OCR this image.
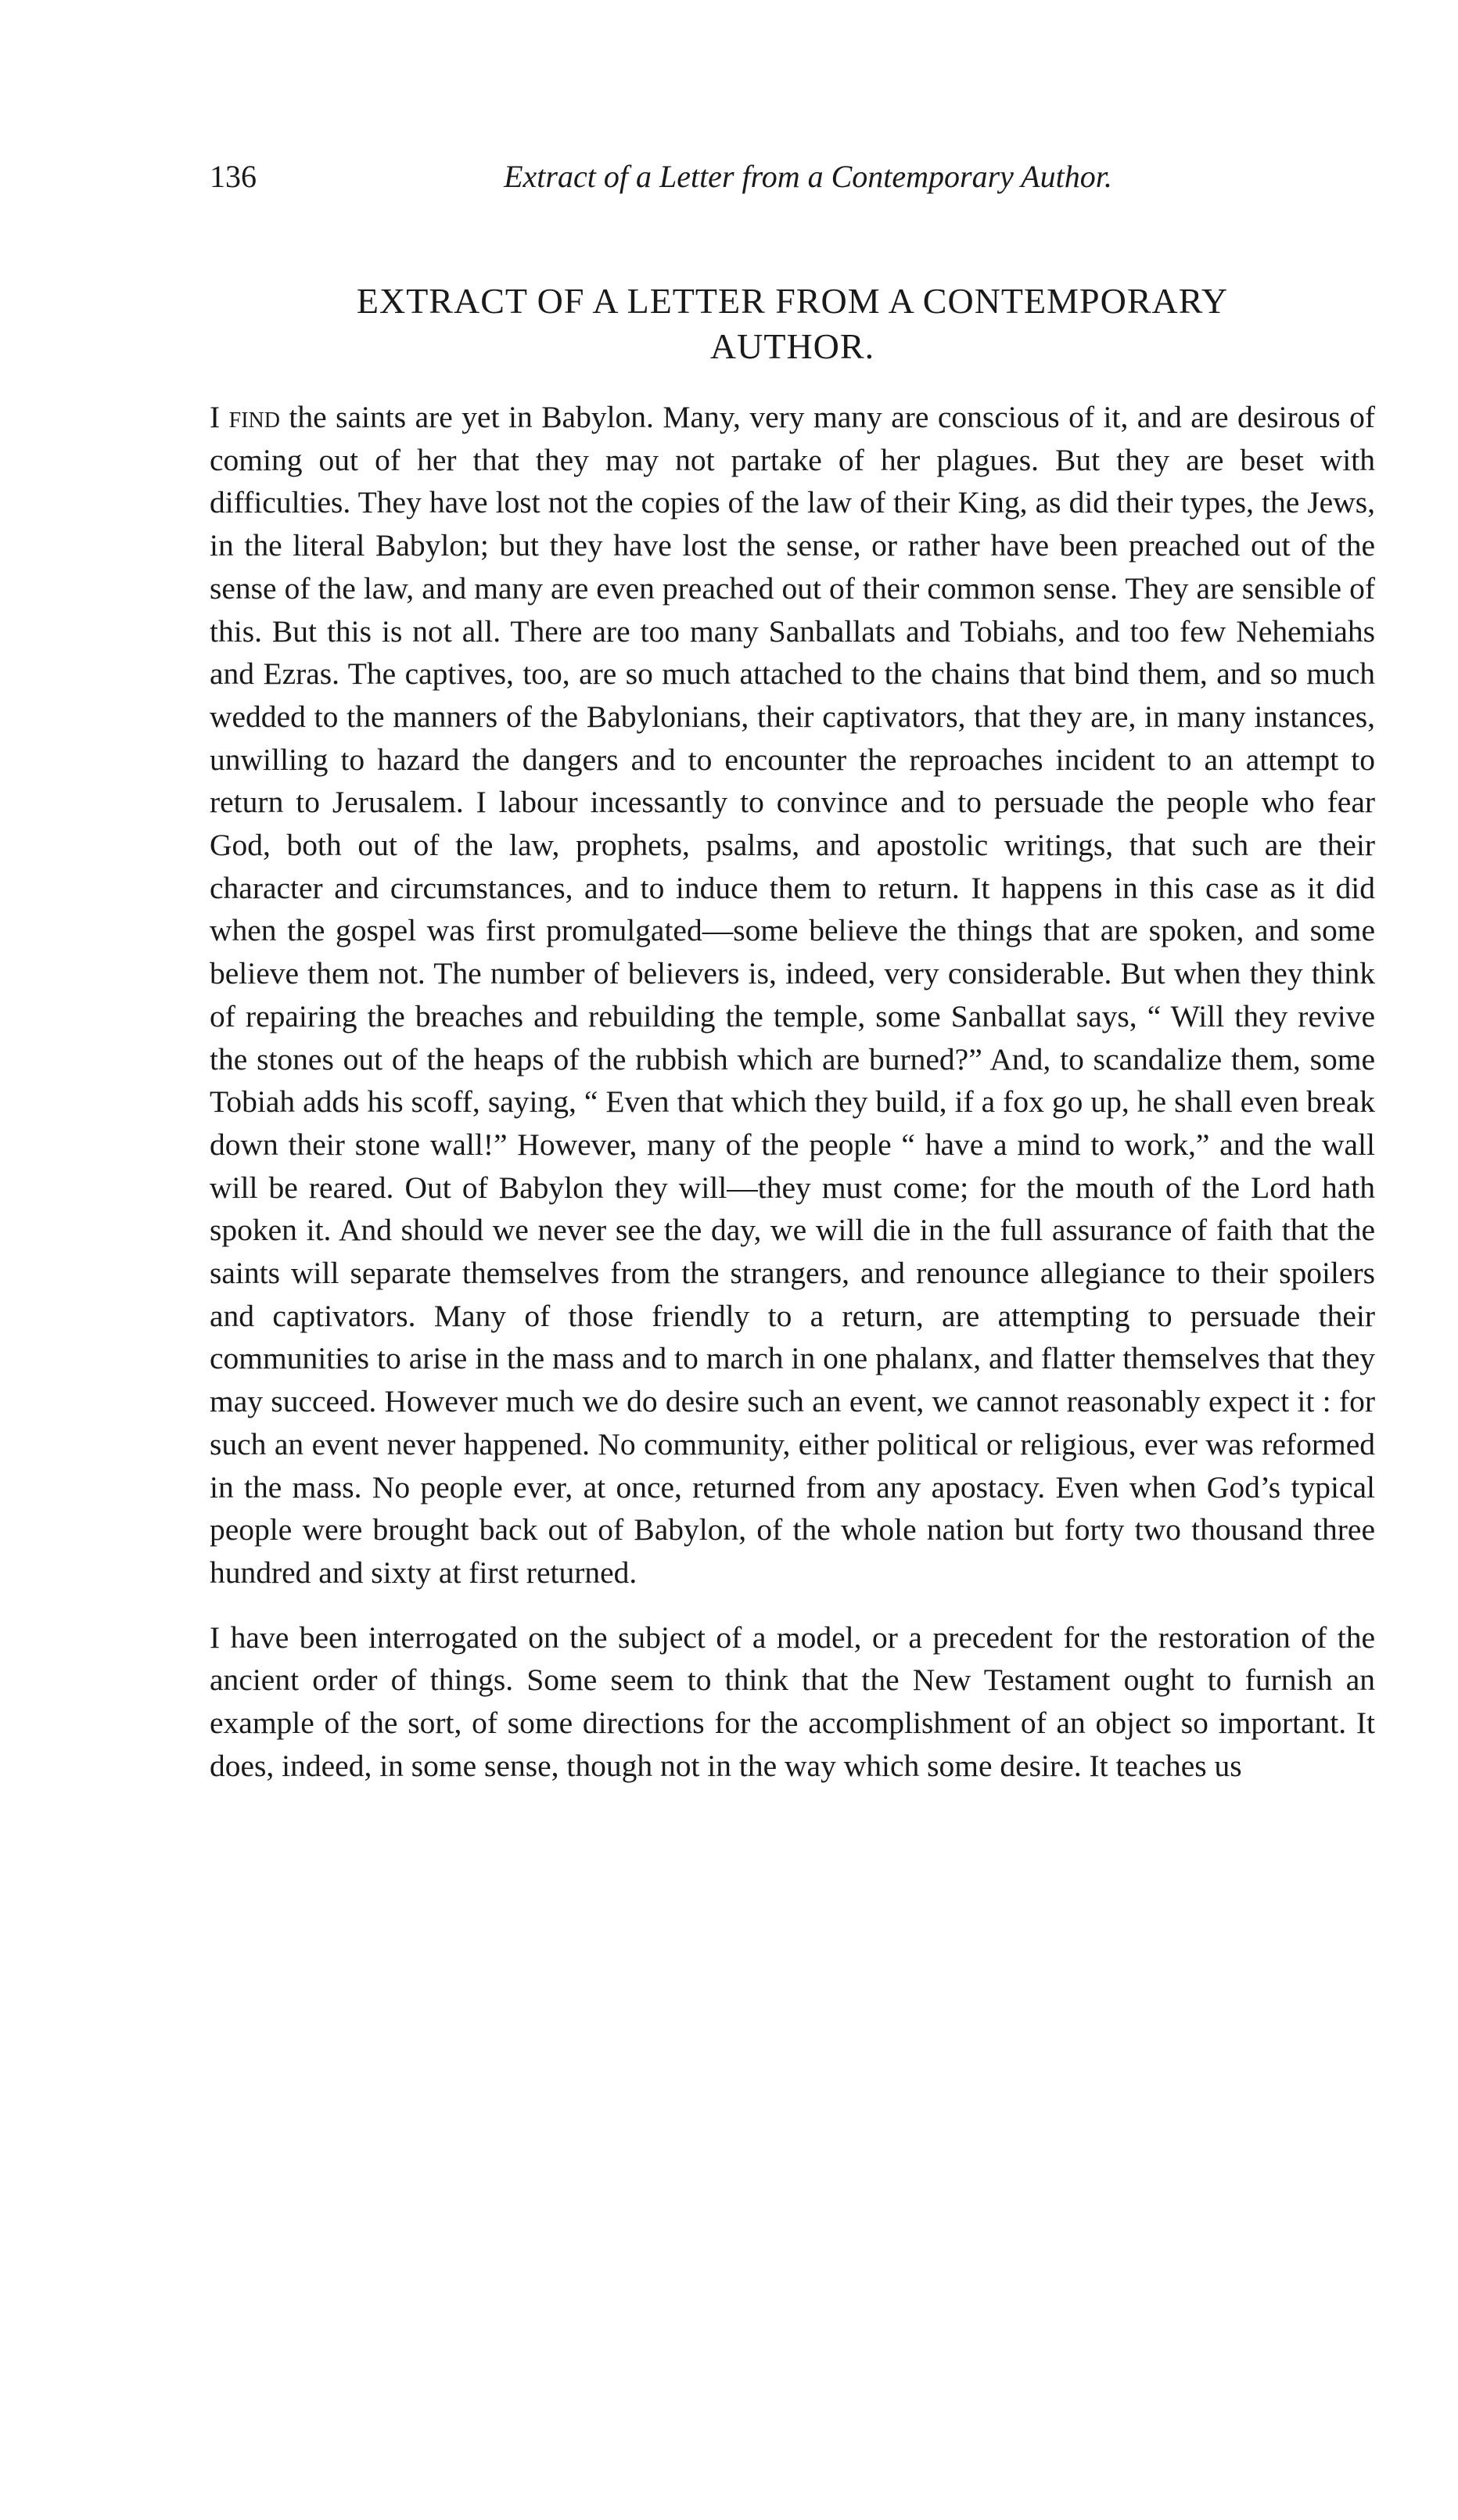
136	Extract of a Letter from a Contemporary Author.
EXTRACT OF A LETTER FROM A CONTEMPORARY
AUTHOR.

I find the saints are yet in Babylon. Many, very many are conscious of it, and are desirous of coming out of her that they may not partake of her plagues. But they are beset with difficulties. They have lost not the copies of the law of their King, as did their types, the Jews, in the literal Babylon; but they have lost the sense, or rather have been preached out of the sense of the law, and many are even preached out of their common sense. They are sensible of this. But this is not all. There are too many Sanballats and Tobiahs, and too few Nehemiahs and Ezras. The captives, too, are so much attached to the chains that bind them, and so much wedded to the manners of the Babylonians, their captivators, that they are, in many instances, unwilling to hazard the dangers and to encounter the reproaches incident to an attempt to return to Jerusalem. I labour incessantly to convince and to persuade the people who fear God, both out of the law, prophets, psalms, and apostolic writings, that such are their character and circumstances, and to induce them to return. It happens in this case as it did when the gospel was first promulgated—some believe the things that are spoken, and some believe them not. The number of believers is, indeed, very considerable. But when they think of repairing the breaches and rebuilding the temple, some Sanballat says, “ Will they revive the stones out of the heaps of the rubbish which are burned?” And, to scandalize them, some Tobiah adds his scoff, saying, “ Even that which they build, if a fox go up, he shall even break down their stone wall!” However, many of the people “ have a mind to work,” and the wall will be reared. Out of Babylon they will—they must come; for the mouth of the Lord hath spoken it. And should we never see the day, we will die in the full assurance of faith that the saints will separate themselves from the strangers, and renounce allegiance to their spoilers and captivators. Many of those friendly to a return, are attempting to persuade their communities to arise in the mass and to march in one phalanx, and flatter themselves that they may succeed. However much we do desire such an event, we cannot reasonably expect it : for such an event never happened. No community, either political or religious, ever was reformed in the mass. No people ever, at once, returned from any apostacy. Even when God’s typical people were brought back out of Babylon, of the whole nation but forty two thousand three hundred and sixty at first returned.

I have been interrogated on the subject of a model, or a precedent for the restoration of the ancient order of things. Some seem to think that the New Testament ought to furnish an example of the sort, of some directions for the accomplishment of an object so important. It does, indeed, in some sense, though not in the way which some desire. It teaches us
